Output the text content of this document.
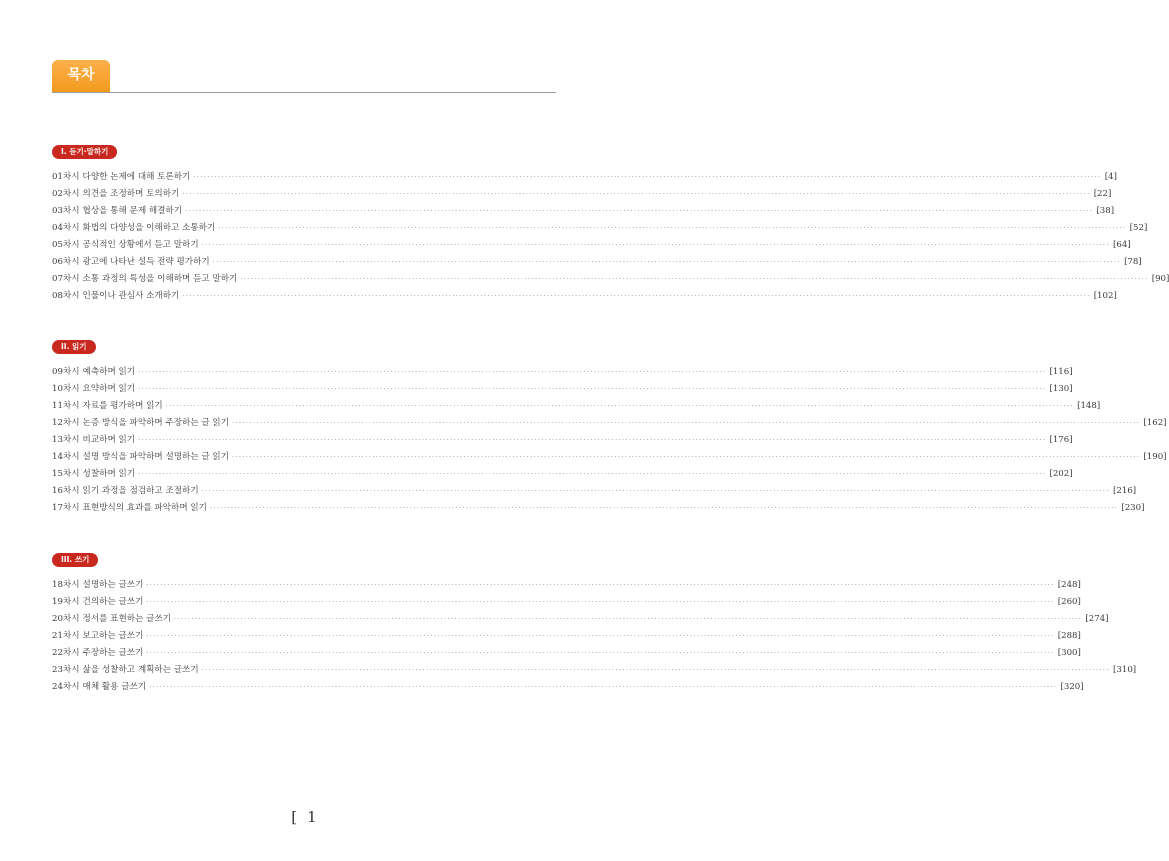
목차
I. 듣기·말하기
01차시 다양한 논제에 대해 토론하기 ··································································································································································································································································· [4]
02차시 의견을 조정하며 토의하기 ··································································································································································································································································· [22]
03차시 협상을 통해 문제 해결하기 ··································································································································································································································································· [38]
04차시 화법의 다양성을 이해하고 소통하기 ··································································································································································································································································· [52]
05차시 공식적인 상황에서 듣고 말하기 ··································································································································································································································································· [64]
06차시 광고에 나타난 설득 전략 평가하기 ··································································································································································································································································· [78]
07차시 소통 과정의 특성을 이해하며 듣고 말하기 ··································································································································································································································································· [90]
08차시 인물이나 관심사 소개하기 ··································································································································································································································································· [102]
II. 읽기
09차시 예측하며 읽기 ··································································································································································································································································· [116]
10차시 요약하며 읽기 ··································································································································································································································································· [130]
11차시 자료를 평가하며 읽기 ··································································································································································································································································· [148]
12차시 논증 방식을 파악하며 주장하는 글 읽기 ··································································································································································································································································· [162]
13차시 비교하며 읽기 ··································································································································································································································································· [176]
14차시 설명 방식을 파악하며 설명하는 글 읽기 ··································································································································································································································································· [190]
15차시 성찰하며 읽기 ··································································································································································································································································· [202]
16차시 읽기 과정을 점검하고 조절하기 ··································································································································································································································································· [216]
17차시 표현방식의 효과를 파악하며 읽기 ··································································································································································································································································· [230]
III. 쓰기
18차시 설명하는 글쓰기 ··································································································································································································································································· [248]
19차시 건의하는 글쓰기 ··································································································································································································································································· [260]
20차시 정서를 표현하는 글쓰기 ··································································································································································································································································· [274]
21차시 보고하는 글쓰기 ··································································································································································································································································· [288]
22차시 주장하는 글쓰기 ··································································································································································································································································· [300]
23차시 삶을 성찰하고 계획하는 글쓰기 ··································································································································································································································································· [310]
24차시 매체 활용 글쓰기 ··································································································································································································································································· [320]
[ 1
